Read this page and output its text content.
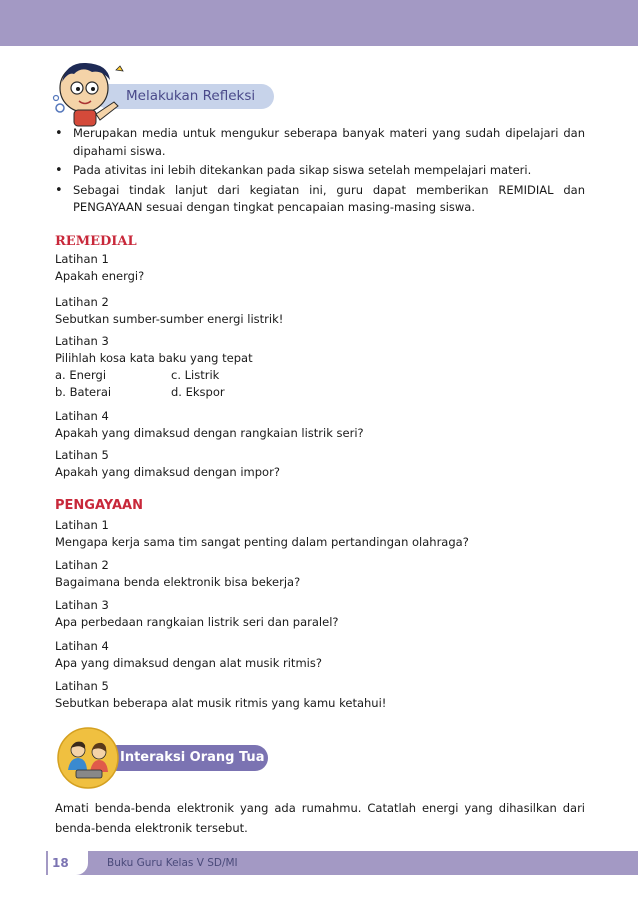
Melakukan Refleksi
• Merupakan media untuk mengukur seberapa banyak materi yang sudah dipelajari dan dipahami siswa.
• Pada ativitas ini lebih ditekankan pada sikap siswa setelah mempelajari materi.
• Sebagai tindak lanjut dari kegiatan ini, guru dapat memberikan REMIDIAL dan PENGAYAAN sesuai dengan tingkat pencapaian masing-masing siswa.
REMEDIAL
Latihan 1
Apakah energi?
Latihan 2
Sebutkan sumber-sumber energi listrik!
Latihan 3
Pilihlah kosa kata baku yang tepat
a. Energi	c. Listrik
b. Baterai	d. Ekspor
Latihan 4
Apakah yang dimaksud dengan rangkaian listrik seri?
Latihan 5
Apakah yang dimaksud dengan impor?
PENGAYAAN
Latihan 1
Mengapa kerja sama tim sangat penting dalam pertandingan olahraga?
Latihan 2
Bagaimana benda elektronik bisa bekerja?
Latihan 3
Apa perbedaan rangkaian listrik seri dan paralel?
Latihan 4
Apa yang dimaksud dengan alat musik ritmis?
Latihan 5
Sebutkan beberapa alat musik ritmis yang kamu ketahui!
Interaksi Orang Tua
Amati benda-benda elektronik yang ada rumahmu. Catatlah energi yang dihasilkan dari benda-benda elektronik tersebut.
18	Buku Guru Kelas V SD/MI
